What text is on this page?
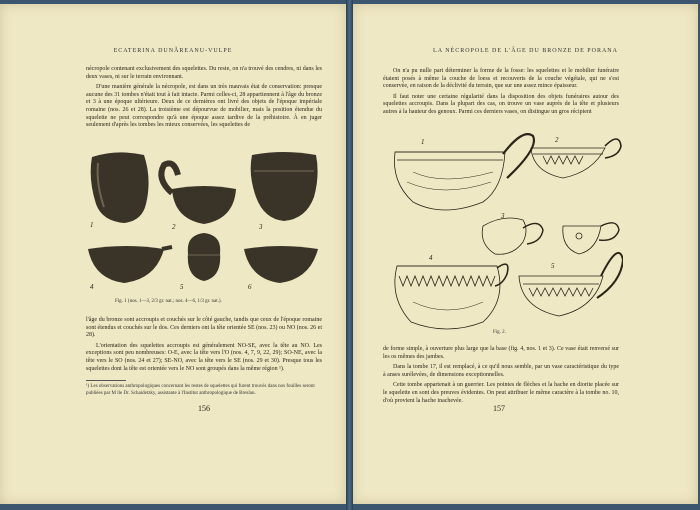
ECATERINA DUNĂREANU-VULPE

nécropole contenant exclusivement des squelettes. Du reste, on n'a trouvé des cendres, ni dans les deux vases, ni sur le terrain environnant.

D'une manière générale la nécropole, est dans un très mauvais état de conservation: presque aucune des 31 tombes n'était tout à fait intacte. Parmi celles-ci, 28 appartiennent à l'âge du bronze et 3 à une époque ultérieure. Deux de ce dernières ont livré des objets de l'époque impériale romaine (nos. 26 et 28). La troisième est dépourvue de mobilier, mais la position étendue du squelette ne peut correspondre qu'à une époque assez tardive de la préhistoire. À en juger seulement d'après les tombes les mieux conservées, les squelettes de

1	2	3
4	5	6
Fig. 1 (nos. 1—3, 2/3 gr. nat.; nos. 4—6, 1/3 gr. nat.).

l'âge du bronze sont accroupis et couchés sur le côté gauche, tandis que ceux de l'époque romaine sont étendus et couchés sur le dos. Ces derniers ont la tête orientée SE (nos. 23) ou NO (nos. 26 et 28).

L'orientation des squelettes accroupis est généralement NO-SE, avec la tête au NO. Les exceptions sont peu nombreuses: O-E, avec la tête vers l'O (nos. 4, 7, 9, 22, 29); SO-NE, avec la tête vers le SO (nos. 24 et 27); SE-NO, avec la tête vers le SE (nos. 29 et 30). Presque tous les squelettes dont la tête est orientée vers le NO sont groupés dans la même région ¹).

¹) Les observations anthropologiques concernant les restes de squelettes qui furent trouvés dans nos fouilles seront publiées par M lle Dr. Schaidetzky, assistante à l'Institut anthropologique de Breslau.
156
LA NÉCROPOLE DE L'ÂGE DU BRONZE DE PORANA

On n'a pu nulle part déterminer la forme de la fosse: les squelettes et le mobilier funéraire étaient posés à même la couche de loess et recouverts de la couche végétale, qui ne s'est conservée, en raison de la déclivité du terrain, que sur une assez mince épaisseur.

Il faut noter une certaine régularité dans la disposition des objets funéraires autour des squelettes accroupis. Dans la plupart des cas, on trouve un vase auprès de la tête et plusieurs autres à la hauteur des genoux. Parmi ces derniers vases, on distingue un gros récipient

1	2
3
4
5
Fig. 2.

de forme simple, à ouverture plus large que la base (fig. 4, nos. 1 et 3). Ce vase était renversé sur les os mêmes des jambes.

Dans la tombe 17, il est remplacé, à ce qu'il nous semble, par un vase caractéristique du type à anses surélevées, de dimensions exceptionnelles.

Cette tombe appartenait à un guerrier. Les pointes de flèches et la hache en diorite placée sur le squelette en sont des preuves évidentes. On peut attribuer le même caractère à la tombe no. 10, d'où provient la hache inachevée.

157
